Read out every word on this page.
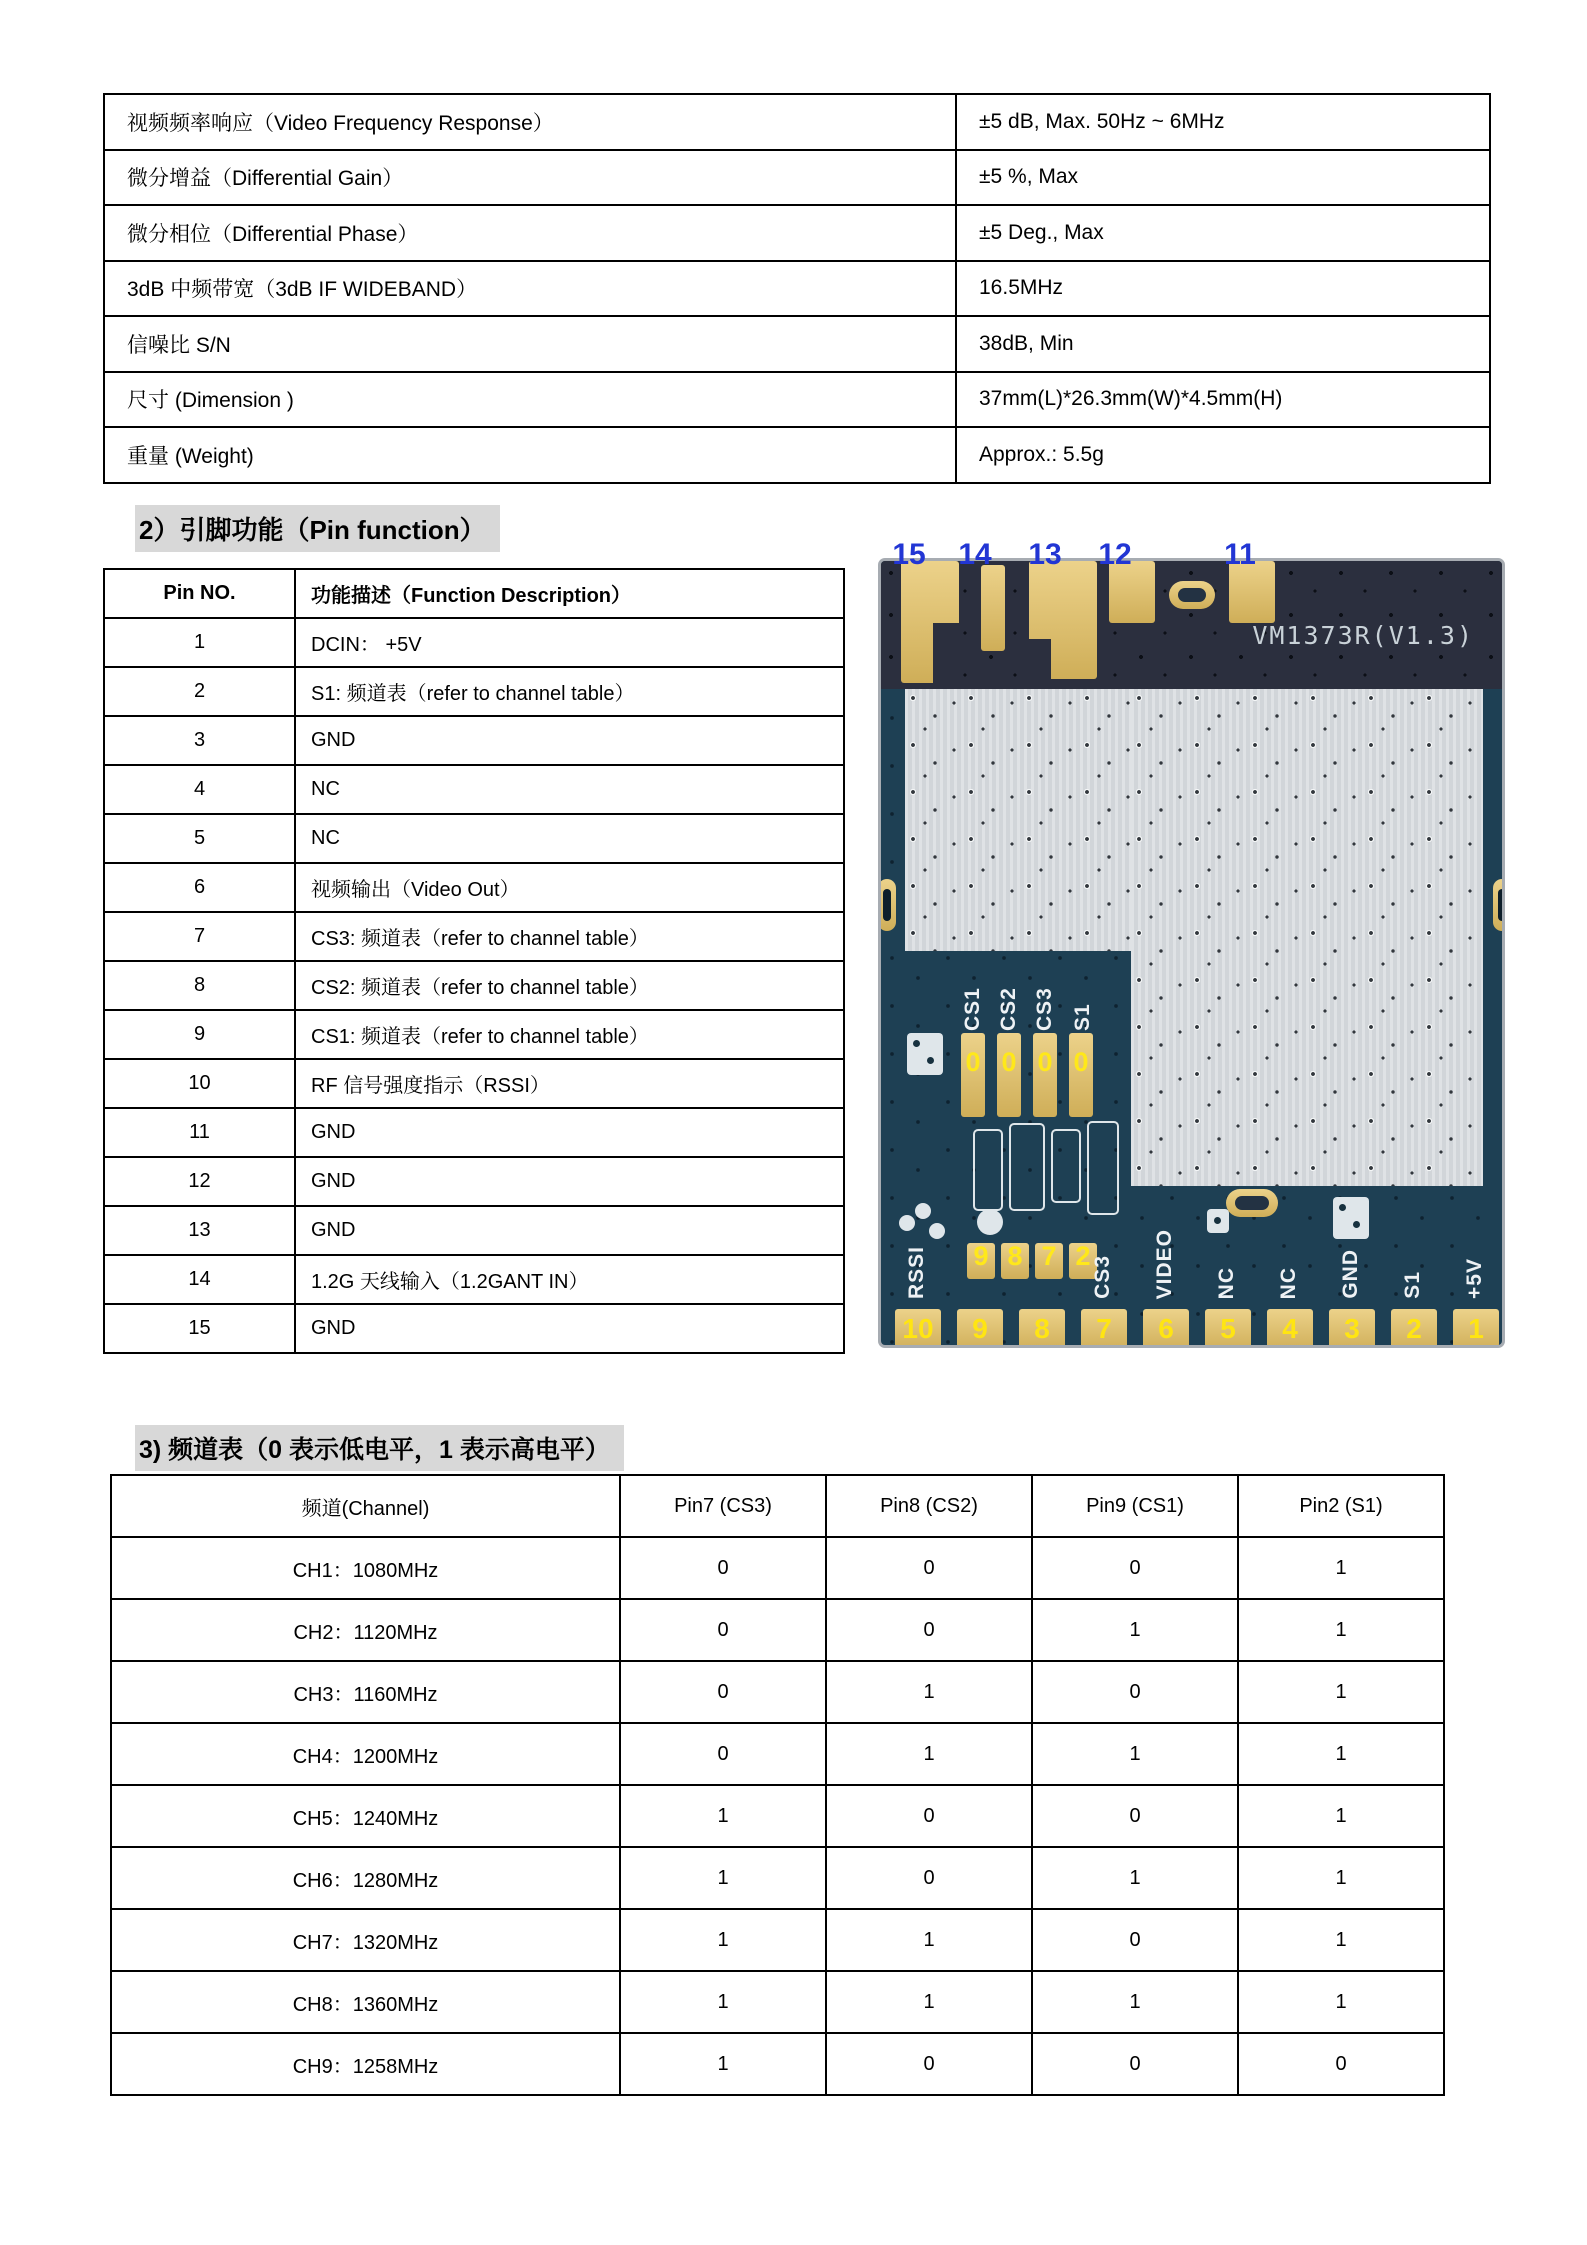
视频频率响应（Video Frequency Response）	±5 dB, Max. 50Hz ~ 6MHz
微分增益（Differential Gain）	±5 %, Max
微分相位（Differential Phase）	±5 Deg., Max
3dB 中频带宽（3dB IF WIDEBAND）	16.5MHz
信噪比 S/N	38dB, Min
尺寸 (Dimension )	37mm(L)*26.3mm(W)*4.5mm(H)
重量 (Weight)	Approx.: 5.5g
2）引脚功能（Pin function）
Pin NO.	功能描述（Function Description）
1	DCIN： +5V
2	S1: 频道表（refer to channel table）
3	GND
4	NC
5	NC
6	视频输出（Video Out）
7	CS3: 频道表（refer to channel table）
8	CS2: 频道表（refer to channel table）
9	CS1: 频道表（refer to channel table）
10	RF 信号强度指示（RSSI）
11	GND
12	GND
13	GND
14	1.2G 天线输入（1.2GANT IN）
15	GND
15 14 13 12	11
VM1373R(V1.3)
CS1 CS2 CS3 S1
0 0 0 0
9 8 7 2
RSSI	CS3 VIDEO NC NC GND S1 +5V
10	9	8	7	6	5	4	3	2	1
3) 频道表（0 表示低电平，1 表示高电平）
频道(Channel)	Pin7 (CS3)	Pin8 (CS2)	Pin9 (CS1)	Pin2 (S1)
CH1：1080MHz	0	0	0	1
CH2：1120MHz	0	0	1	1
CH3：1160MHz	0	1	0	1
CH4：1200MHz	0	1	1	1
CH5：1240MHz	1	0	0	1
CH6：1280MHz	1	0	1	1
CH7：1320MHz	1	1	0	1
CH8：1360MHz	1	1	1	1
CH9：1258MHz	1	0	0	0
